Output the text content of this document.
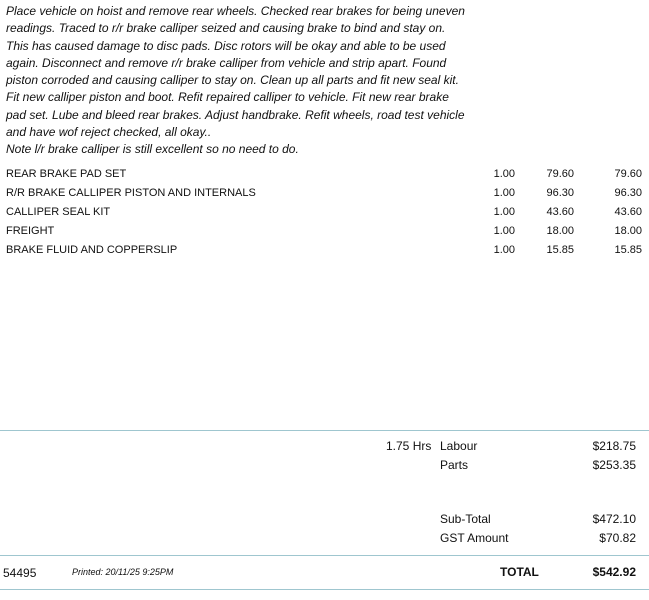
Place vehicle on hoist and remove rear wheels. Checked rear brakes for being uneven

readings. Traced to r/r brake calliper seized and causing brake to bind and stay on.

This has caused damage to disc pads. Disc rotors will be okay and able to be used

again. Disconnect and remove r/r brake calliper from vehicle and strip apart. Found

piston corroded and causing calliper to stay on. Clean up all parts and fit new seal kit.

Fit new calliper piston and boot. Refit repaired calliper to vehicle. Fit new rear brake

pad set. Lube and bleed rear brakes. Adjust handbrake. Refit wheels, road test vehicle

and have wof reject checked, all okay..

Note l/r brake calliper is still excellent so no need to do.

REAR BRAKE PAD SET	1.00	79.60	79.60
R/R BRAKE CALLIPER PISTON AND INTERNALS	1.00	96.30	96.30
CALLIPER SEAL KIT	1.00	43.60	43.60
FREIGHT	1.00	18.00	18.00
BRAKE FLUID AND COPPERSLIP	1.00	15.85	15.85
1.75 Hrs Labour	$218.75
Parts	$253.35
Sub-Total	$472.10
GST Amount	$70.82
54495	Printed: 20/11/25 9:25PM	TOTAL	$542.92
